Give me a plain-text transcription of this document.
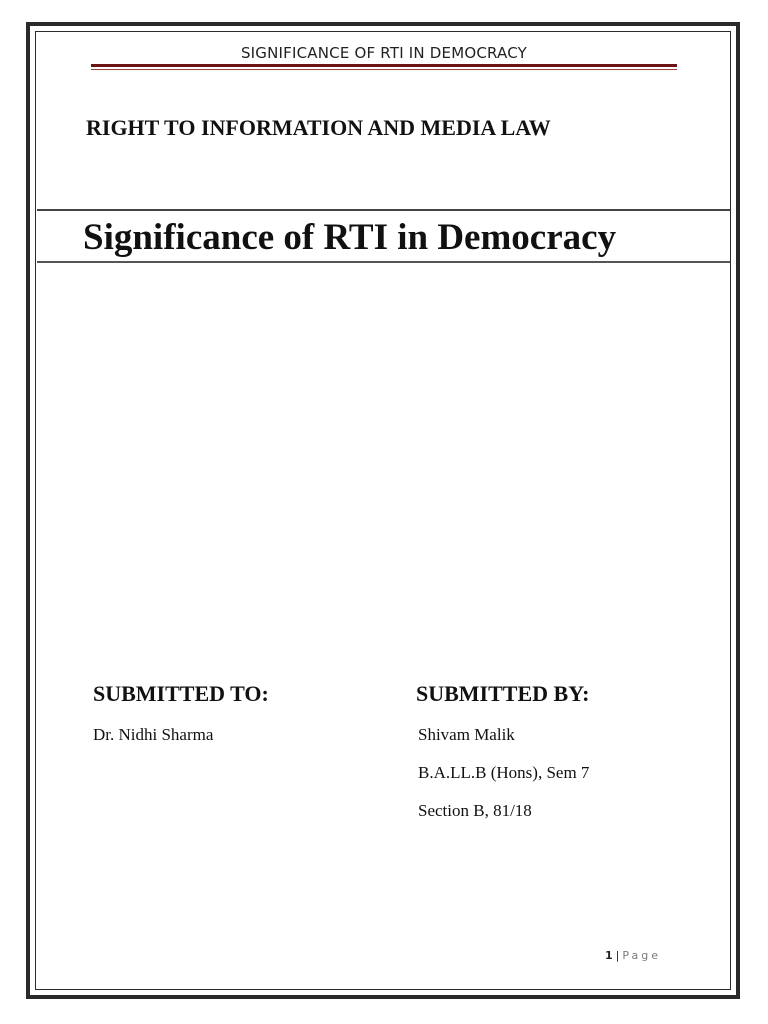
SIGNIFICANCE OF RTI IN DEMOCRACY
RIGHT TO INFORMATION AND MEDIA LAW
Significance of RTI in Democracy
SUBMITTED TO:	SUBMITTED BY:
Dr. Nidhi Sharma	Shivam Malik
B.A.LL.B (Hons), Sem 7
Section B, 81/18
1 | Page
